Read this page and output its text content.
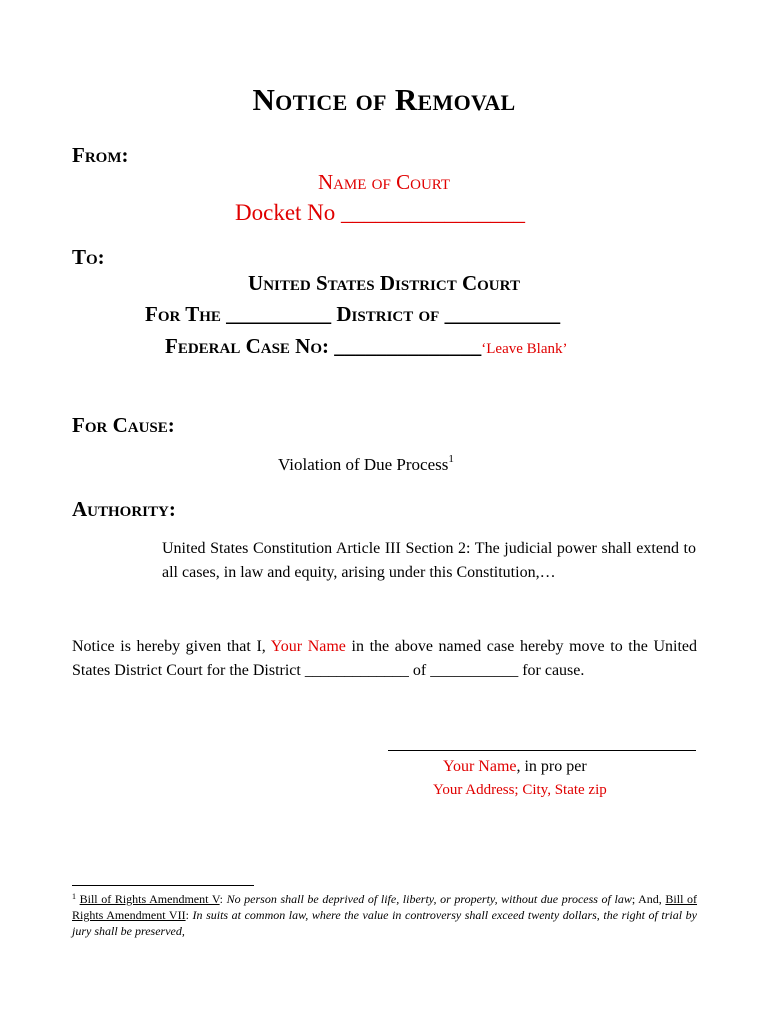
Notice of Removal
From:
Name of Court
Docket No ________________
To:
United States District Court
For The __________ District of ___________
Federal Case No: ______________‘Leave Blank’
For Cause:
Violation of Due Process$^1$
Authority:
United States Constitution Article III Section 2: The judicial power shall extend to all cases, in law and equity, arising under this Constitution,…
Notice is hereby given that I, Your Name in the above named case hereby move to the United States District Court for the District _____________ of ___________ for cause.
Your Name, in pro per
Your Address; City, State zip
$^1$ Bill of Rights Amendment V: No person shall be deprived of life, liberty, or property, without due process of law; And, Bill of Rights Amendment VII: In suits at common law, where the value in controversy shall exceed twenty dollars, the right of trial by jury shall be preserved,
